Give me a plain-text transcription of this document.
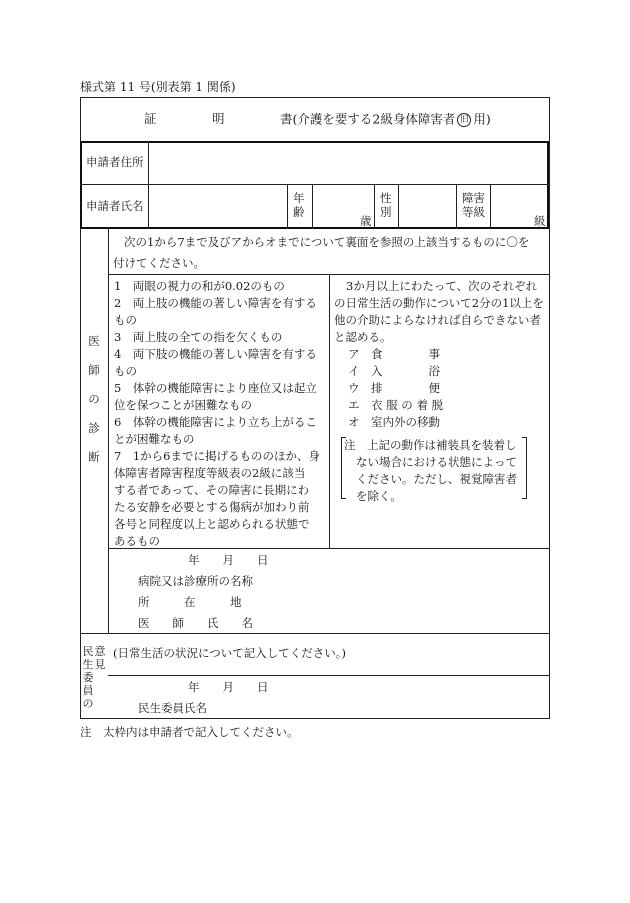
様式第 11 号(別表第 1 関係)
証	明	書(介護を要する2級身体障害者 旧 用)
申請者住所
申請者氏名
年
齢
歳
性
別
障害
等級
級
医
師
の
診
断
次の1から7まで及びアからオまでについて裏面を参照の上該当するものに〇を
付けてください。
1　両眼の視力の和が0.02のもの
2　両上肢の機能の著しい障害を有する
もの
3　両上肢の全ての指を欠くもの
4　両下肢の機能の著しい障害を有する
もの
5　体幹の機能障害により座位又は起立
位を保つことが困難なもの
6　体幹の機能障害により立ち上がるこ
とが困難なもの
7　1から6までに掲げるもののほか、身
体障害者障害程度等級表の2級に該当
する者であって、その障害に長期にわ
たる安静を必要とする傷病が加わり前
各号と同程度以上と認められる状態で
あるもの
3か月以上にわたって、次のそれぞれ
の日常生活の動作について2分の1以上を
他の介助によらなければ自らできない者
と認める。
ア　 食　　　　事
イ　 入　　　　浴
ウ　 排　　　　便
エ　 衣 服 の 着 脱
オ　 室内外の移動
注　上記の動作は補装具を装着し
ない場合における状態によって
ください。ただし、視覚障害者
を除く。
年　　月　　日
病院又は診療所の名称
所　　　在　　　地
医　　師　　氏　　名
民
生
委
員
の
意
見
(日常生活の状況について記入してください。)
年　　月　　日
民生委員氏名
注　太枠内は申請者で記入してください。
